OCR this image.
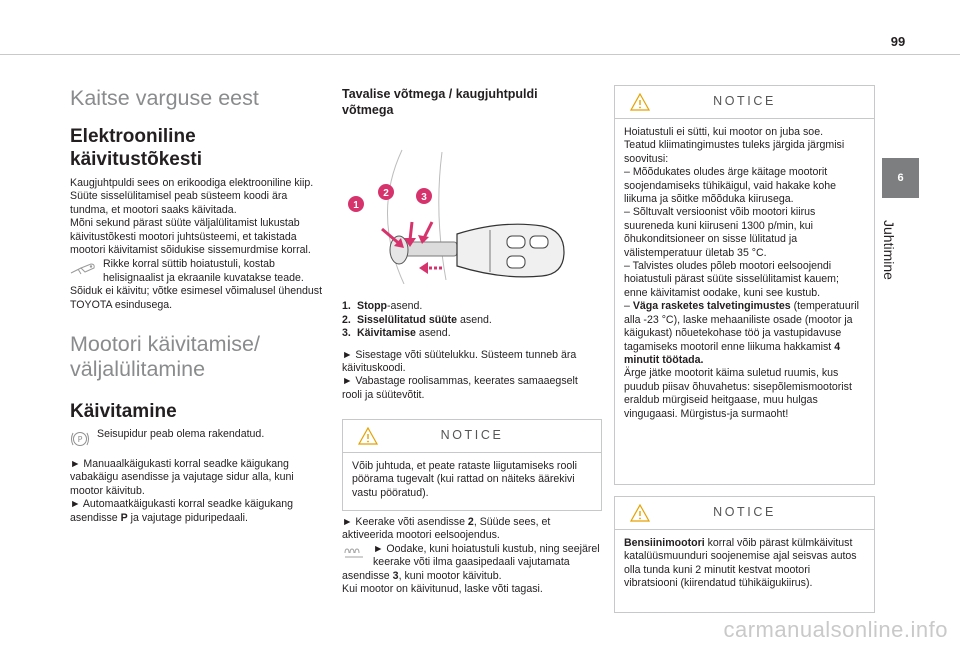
99
6
Juhtimine
Kaitse varguse eest
Elektrooniline
käivitustõkesti

Kaugjuhtpuldi sees on erikoodiga elektrooniline kiip. Süüte sisselülitamisel peab süsteem koodi ära tundma, et mootori saaks käivitada.

Mõni sekund pärast süüte väljalülitamist lukustab käivitustõkesti mootori juhtsüsteemi, et takistada mootori käivitamist sõidukise sissemurdmise korral.

Rikke korral süttib hoiatustuli, kostab helisignaalist ja ekraanile kuvatakse teade.

Sõiduk ei käivitu; võtke esimesel võimalusel ühendust TOYOTA esindusega.

Mootori käivitamise/
väljalülitamine
Käivitamine

P Seisupidur peab olema rakendatud.

► Manuaalkäigukasti korral seadke käigukang vabakäigu asendisse ja vajutage sidur alla, kuni mootor käivitub.

► Automaatkäigukasti korral seadke käigukang asendisse P ja vajutage piduripedaali.

Tavalise võtmega / kaugjuhtpuldi
võtmega
1
2	3
1. Stopp-asend.
2. Sisselülitatud süüte asend.
3. Käivitamise asend.

► Sisestage võti süütelukku. Süsteem tunneb ära käivituskoodi.

► Vabastage roolisammas, keerates samaaegselt rooli ja süütevõtit.

NOTICE
Võib juhtuda, et peate rataste liigutamiseks rooli pöörama tugevalt (kui rattad on näiteks äärekivi vastu pööratud).

► Keerake võti asendisse 2, Süüde sees, et aktiveerida mootori eelsoojendus.

► Oodake, kuni hoiatustuli kustub, ning seejärel keerake võti ilma gaasipedaali vajutamata asendisse 3, kuni mootor käivitub.

Kui mootor on käivitunud, laske võti tagasi.

NOTICE

Hoiatustuli ei sütti, kui mootor on juba soe.

Teatud kliimatingimustes tuleks järgida järgmisi soovitusi:

– Mõõdukates oludes ärge käitage mootorit soojendamiseks tühikäigul, vaid hakake kohe liikuma ja sõitke mõõduka kiirusega.

– Sõltuvalt versioonist võib mootori kiirus suureneda kuni kiiruseni 1300 p/min, kui õhukonditsioneer on sisse lülitatud ja välistemperatuur ületab 35 °C.

– Talvistes oludes põleb mootori eelsoojendi hoiatustuli pärast süüte sisselülitamist kauem; enne käivitamist oodake, kuni see kustub.

– Väga rasketes talvetingimustes (temperatuuril alla -23 °C), laske mehaaniliste osade (mootor ja käigukast) nõuetekohase töö ja vastupidavuse tagamiseks mootoril enne liikuma hakkamist 4 minutit töötada.

Ärge jätke mootorit käima suletud ruumis, kus puudub piisav õhuvahetus: sisepõlemismootorist eraldub mürgiseid heitgaase, muu hulgas vingugaasi. Mürgistus-ja surmaoht!

NOTICE
Bensiinimootori korral võib pärast külmkäivitust katalüüsmuunduri soojenemise ajal seisvas autos olla tunda kuni 2 minutit kestvat mootori vibratsiooni (kiirendatud tühikäigukiirus).
carmanualsonline.info
